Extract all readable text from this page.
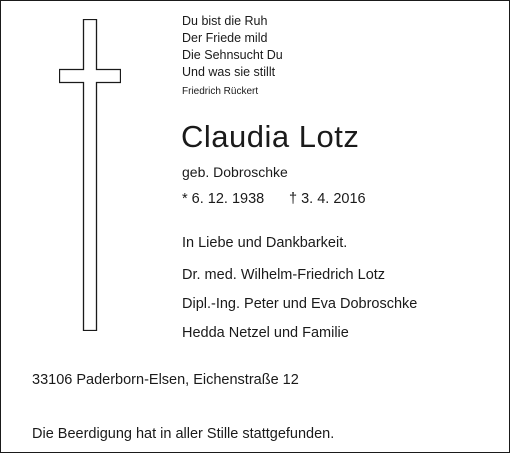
Du bist die Ruh
Der Friede mild
Die Sehnsucht Du
Und was sie stillt
Friedrich Rückert
Claudia Lotz
geb. Dobroschke
* 6. 12. 1938 † 3. 4. 2016
In Liebe und Dankbarkeit.
Dr. med. Wilhelm-Friedrich Lotz
Dipl.-Ing. Peter und Eva Dobroschke
Hedda Netzel und Familie
33106 Paderborn-Elsen, Eichenstraße 12
Die Beerdigung hat in aller Stille stattgefunden.
